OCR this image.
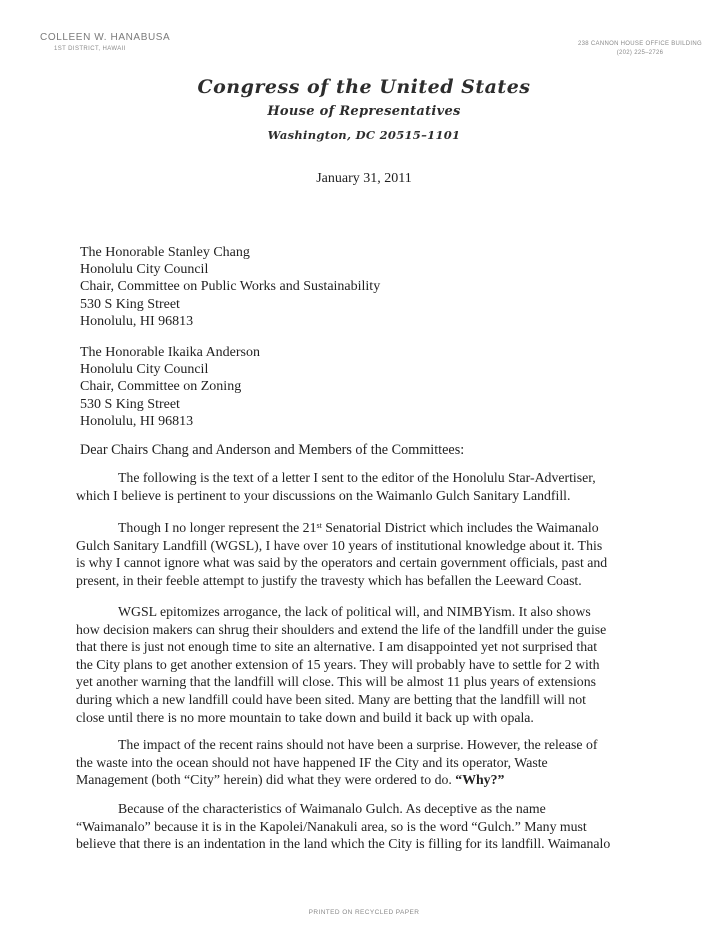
COLLEEN W. HANABUSA
1ST DISTRICT, HAWAII
238 CANNON HOUSE OFFICE BUILDING
(202) 225–2726
Congress of the United States
House of Representatives
Washington, DC 20515–1101
January 31, 2011
The Honorable Stanley Chang
Honolulu City Council
Chair, Committee on Public Works and Sustainability
530 S King Street
Honolulu, HI 96813
The Honorable Ikaika Anderson
Honolulu City Council
Chair, Committee on Zoning
530 S King Street
Honolulu, HI 96813
Dear Chairs Chang and Anderson and Members of the Committees:
The following is the text of a letter I sent to the editor of the Honolulu Star-Advertiser,
which I believe is pertinent to your discussions on the Waimanlo Gulch Sanitary Landfill.
Though I no longer represent the 21st Senatorial District which includes the Waimanalo
Gulch Sanitary Landfill (WGSL), I have over 10 years of institutional knowledge about it. This
is why I cannot ignore what was said by the operators and certain government officials, past and
present, in their feeble attempt to justify the travesty which has befallen the Leeward Coast.
WGSL epitomizes arrogance, the lack of political will, and NIMBYism. It also shows
how decision makers can shrug their shoulders and extend the life of the landfill under the guise
that there is just not enough time to site an alternative. I am disappointed yet not surprised that
the City plans to get another extension of 15 years. They will probably have to settle for 2 with
yet another warning that the landfill will close. This will be almost 11 plus years of extensions
during which a new landfill could have been sited. Many are betting that the landfill will not
close until there is no more mountain to take down and build it back up with opala.
The impact of the recent rains should not have been a surprise. However, the release of
the waste into the ocean should not have happened IF the City and its operator, Waste
Management (both “City” herein) did what they were ordered to do. “Why?”
Because of the characteristics of Waimanalo Gulch. As deceptive as the name
“Waimanalo” because it is in the Kapolei/Nanakuli area, so is the word “Gulch.” Many must
believe that there is an indentation in the land which the City is filling for its landfill. Waimanalo
PRINTED ON RECYCLED PAPER
